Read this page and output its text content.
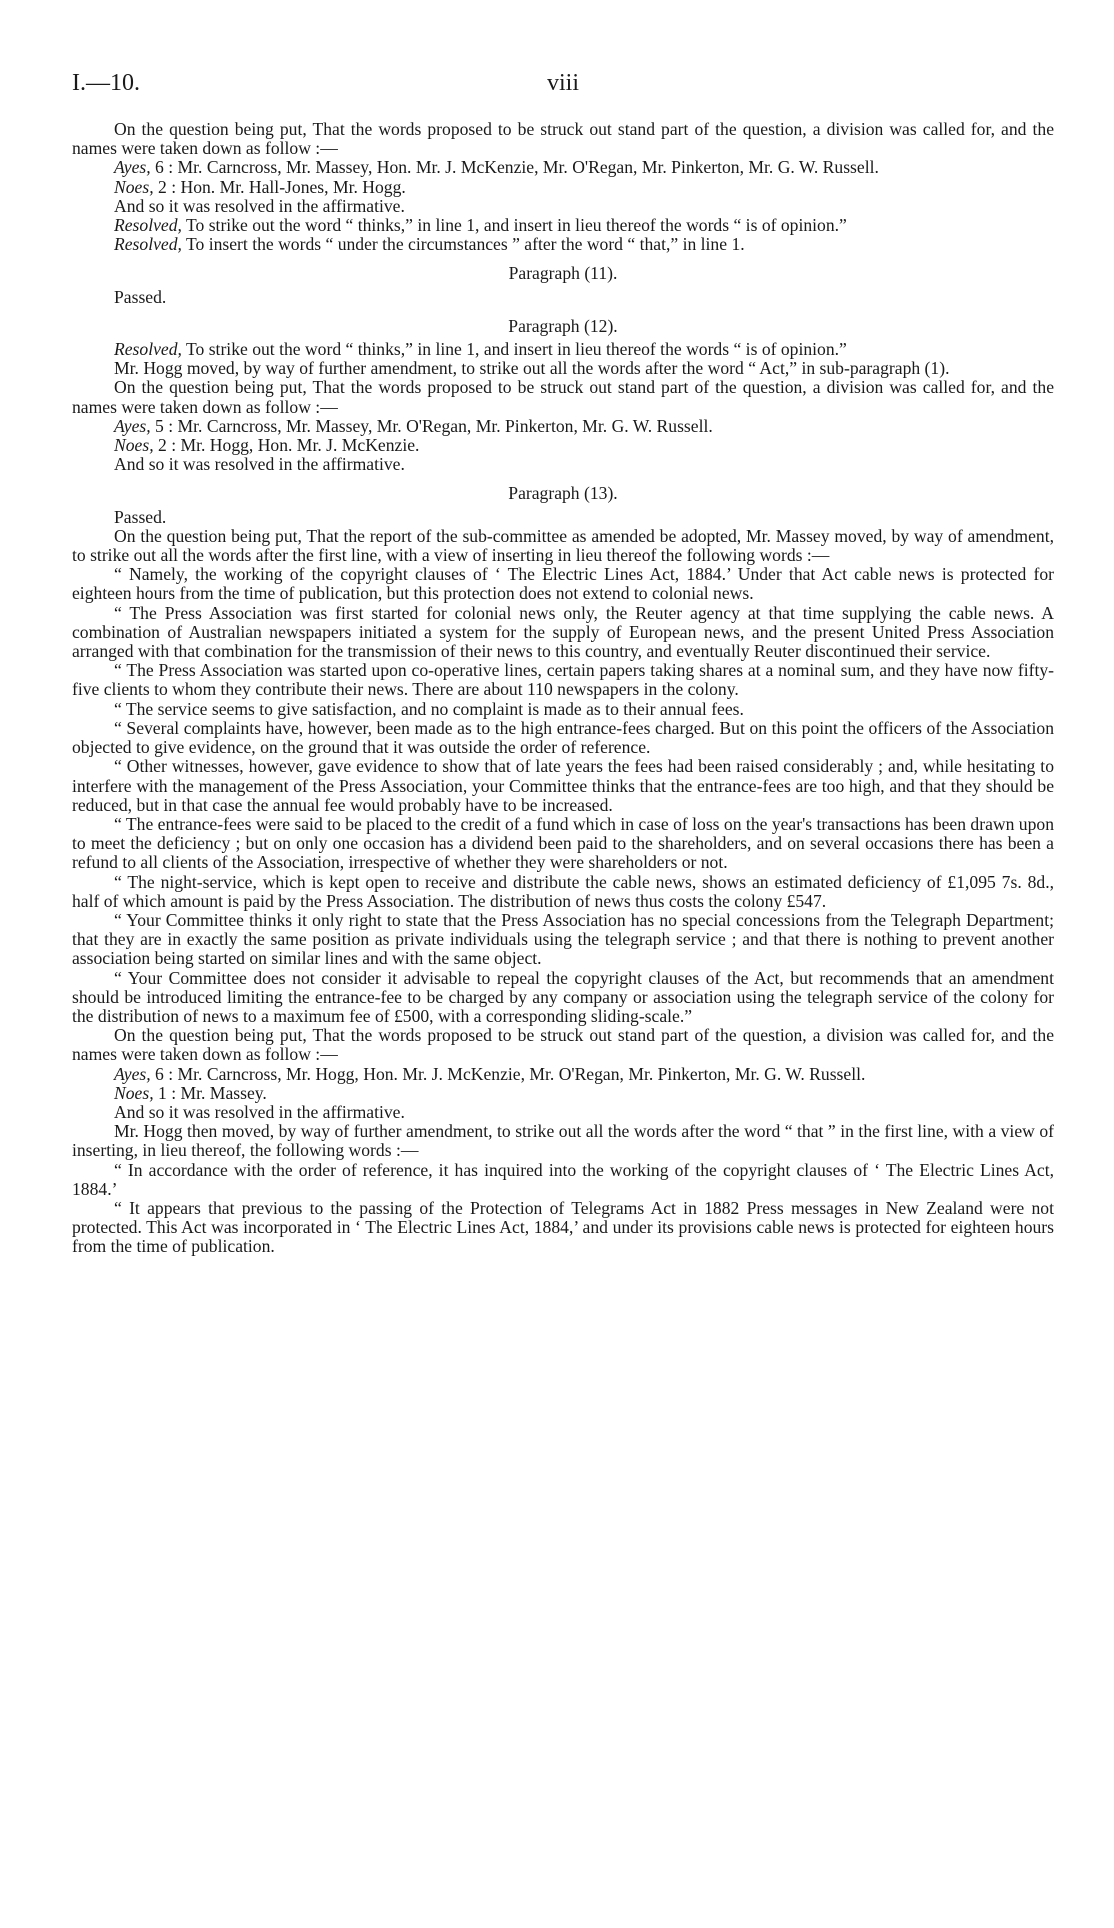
I.—10.	viii

On the question being put, That the words proposed to be struck out stand part of the question, a division was called for, and the names were taken down as follow :—

Ayes, 6 : Mr. Carncross, Mr. Massey, Hon. Mr. J. McKenzie, Mr. O'Regan, Mr. Pinkerton, Mr. G. W. Russell.

Noes, 2 : Hon. Mr. Hall-Jones, Mr. Hogg.

And so it was resolved in the affirmative.

Resolved, To strike out the word “ thinks,” in line 1, and insert in lieu thereof the words “ is of opinion.”

Resolved, To insert the words “ under the circumstances ” after the word “ that,” in line 1.

Paragraph (11).

Passed.

Paragraph (12).

Resolved, To strike out the word “ thinks,” in line 1, and insert in lieu thereof the words “ is of opinion.”

Mr. Hogg moved, by way of further amendment, to strike out all the words after the word “ Act,” in sub-paragraph (1).

On the question being put, That the words proposed to be struck out stand part of the question, a division was called for, and the names were taken down as follow :—

Ayes, 5 : Mr. Carncross, Mr. Massey, Mr. O'Regan, Mr. Pinkerton, Mr. G. W. Russell.

Noes, 2 : Mr. Hogg, Hon. Mr. J. McKenzie.

And so it was resolved in the affirmative.

Paragraph (13).

Passed.

On the question being put, That the report of the sub-committee as amended be adopted, Mr. Massey moved, by way of amendment, to strike out all the words after the first line, with a view of inserting in lieu thereof the following words :—

“ Namely, the working of the copyright clauses of ‘ The Electric Lines Act, 1884.’ Under that Act cable news is protected for eighteen hours from the time of publication, but this protection does not extend to colonial news.

“ The Press Association was first started for colonial news only, the Reuter agency at that time supplying the cable news. A combination of Australian newspapers initiated a system for the supply of European news, and the present United Press Association arranged with that combination for the transmission of their news to this country, and eventually Reuter discontinued their service.

“ The Press Association was started upon co-operative lines, certain papers taking shares at a nominal sum, and they have now fifty-five clients to whom they contribute their news. There are about 110 newspapers in the colony.

“ The service seems to give satisfaction, and no complaint is made as to their annual fees.

“ Several complaints have, however, been made as to the high entrance-fees charged. But on this point the officers of the Association objected to give evidence, on the ground that it was outside the order of reference.

“ Other witnesses, however, gave evidence to show that of late years the fees had been raised considerably ; and, while hesitating to interfere with the management of the Press Association, your Committee thinks that the entrance-fees are too high, and that they should be reduced, but in that case the annual fee would probably have to be increased.

“ The entrance-fees were said to be placed to the credit of a fund which in case of loss on the year's transactions has been drawn upon to meet the deficiency ; but on only one occasion has a dividend been paid to the shareholders, and on several occasions there has been a refund to all clients of the Association, irrespective of whether they were shareholders or not.

“ The night-service, which is kept open to receive and distribute the cable news, shows an estimated deficiency of £1,095 7s. 8d., half of which amount is paid by the Press Association. The distribution of news thus costs the colony £547.

“ Your Committee thinks it only right to state that the Press Association has no special concessions from the Telegraph Department; that they are in exactly the same position as private individuals using the telegraph service ; and that there is nothing to prevent another association being started on similar lines and with the same object.

“ Your Committee does not consider it advisable to repeal the copyright clauses of the Act, but recommends that an amendment should be introduced limiting the entrance-fee to be charged by any company or association using the telegraph service of the colony for the distribution of news to a maximum fee of £500, with a corresponding sliding-scale.”

On the question being put, That the words proposed to be struck out stand part of the question, a division was called for, and the names were taken down as follow :—

Ayes, 6 : Mr. Carncross, Mr. Hogg, Hon. Mr. J. McKenzie, Mr. O'Regan, Mr. Pinkerton, Mr. G. W. Russell.

Noes, 1 : Mr. Massey.

And so it was resolved in the affirmative.

Mr. Hogg then moved, by way of further amendment, to strike out all the words after the word “ that ” in the first line, with a view of inserting, in lieu thereof, the following words :—

“ In accordance with the order of reference, it has inquired into the working of the copyright clauses of ‘ The Electric Lines Act, 1884.’

“ It appears that previous to the passing of the Protection of Telegrams Act in 1882 Press messages in New Zealand were not protected. This Act was incorporated in ‘ The Electric Lines Act, 1884,’ and under its provisions cable news is protected for eighteen hours from the time of publication.
